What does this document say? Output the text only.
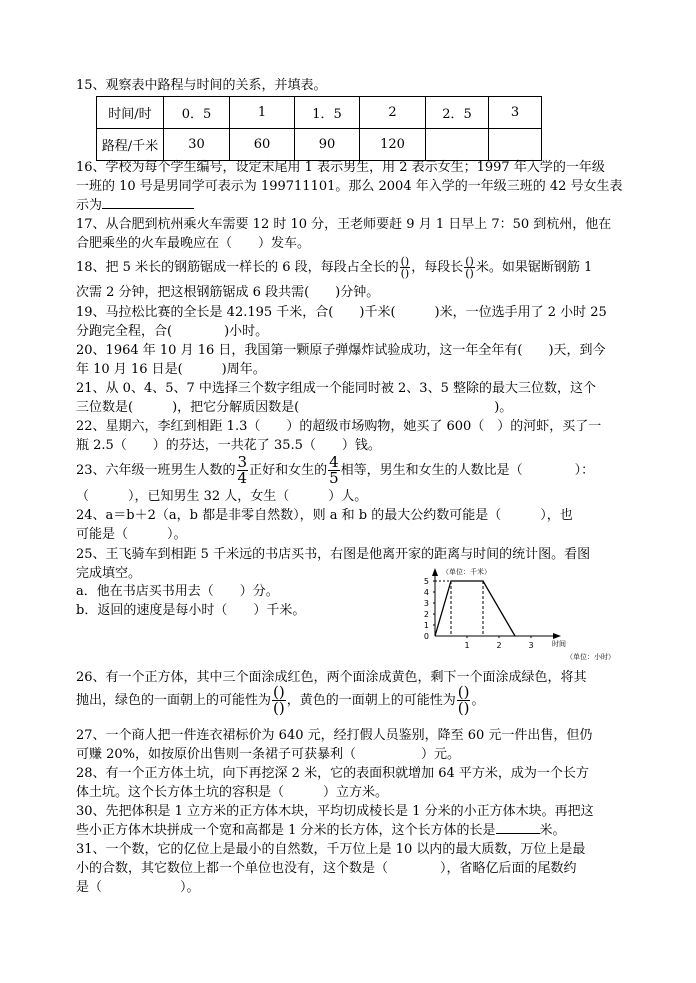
15、观察表中路程与时间的关系，并填表。
时间/时	0．5	1	1．5	2	2．5	3
路程/千米	30	60	90	120		
16、学校为每个学生编号，设定末尾用 1 表示男生，用 2 表示女生；1997 年入学的一年级
一班的 10 号是男同学可表示为 199711101。那么 2004 年入学的一年级三班的 42 号女生表
示为
17、从合肥到杭州乘火车需要 12 时 10 分，王老师要赶 9 月 1 日早上 7：50 到杭州，他在
合肥乘坐的火车最晚应在（　　）发车。
18、把 5 米长的钢筋锯成一样长的 6 段，每段占全长的 $\frac{()}{()}$ ，每段长 $\frac{()}{()}$ 米。如果锯断钢筋 1
次需 2 分钟，把这根钢筋锯成 6 段共需(　　)分钟。
19、马拉松比赛的全长是 42.195 千米，合(　　)千米(　　　)米，一位选手用了 2 小时 25
分跑完全程，合(　　　　)小时。
20、1964 年 10 月 16 日，我国第一颗原子弹爆炸试验成功，这一年全年有(　　)天，到今
年 10 月 16 日是(　　　)周年。
21、从 0、4、5、7 中选择三个数字组成一个能同时被 2、3、5 整除的最大三位数，这个
三位数是(　　　)，把它分解质因数是(　　　　　　　　　　　　　　　)。
22、星期六，李红到相距 1.3（　　）的超级市场购物，她买了 600（　）的河虾，买了一
瓶 2.5（　　）的芬达，一共花了 35.5（　　）钱。
23、六年级一班男生人数的 $\frac{3}{4}$ 正好和女生的 $\frac{4}{5}$ 相等，男生和女生的人数比是（　　　　）：
（　　　），已知男生 32 人，女生（　　　）人。
24、a＝b＋2（a，b 都是非零自然数），则 a 和 b 的最大公约数可能是（　　　），也
可能是（　　　）。
25、王飞骑车到相距 5 千米远的书店买书，右图是他离开家的距离与时间的统计图。看图
完成填空。
a．他在书店买书用去（　　）分。
b．返回的速度是每小时（　　）千米。
（单位：千米）
时间
（单位：小时）
0
1
2
3
4
5
1	2	3
26、有一个正方体，其中三个面涂成红色，两个面涂成黄色，剩下一个面涂成绿色，将其
抛出，绿色的一面朝上的可能性为 $\frac{()}{()}$ ，黄色的一面朝上的可能性为 $\frac{()}{()}$ 。
27、一个商人把一件连衣裙标价为 640 元，经打假人员鉴别，降至 60 元一件出售，但仍
可赚 20%，如按原价出售则一条裙子可获暴利（　　　　　）元。
28、有一个正方体土坑，向下再挖深 2 米，它的表面积就增加 64 平方米，成为一个长方
体土坑。这个长方体土坑的容积是（　　　）立方米。
30、先把体积是 1 立方米的正方体木块，平均切成棱长是 1 分米的小正方体木块。再把这
些小正方体木块拼成一个宽和高都是 1 分米的长方体，这个长方体的长是	米。
31、一个数，它的亿位上是最小的自然数，千万位上是 10 以内的最大质数，万位上是最
小的合数，其它数位上都一个单位也没有，这个数是（　　　　），省略亿后面的尾数约
是（　　　　　　）。
